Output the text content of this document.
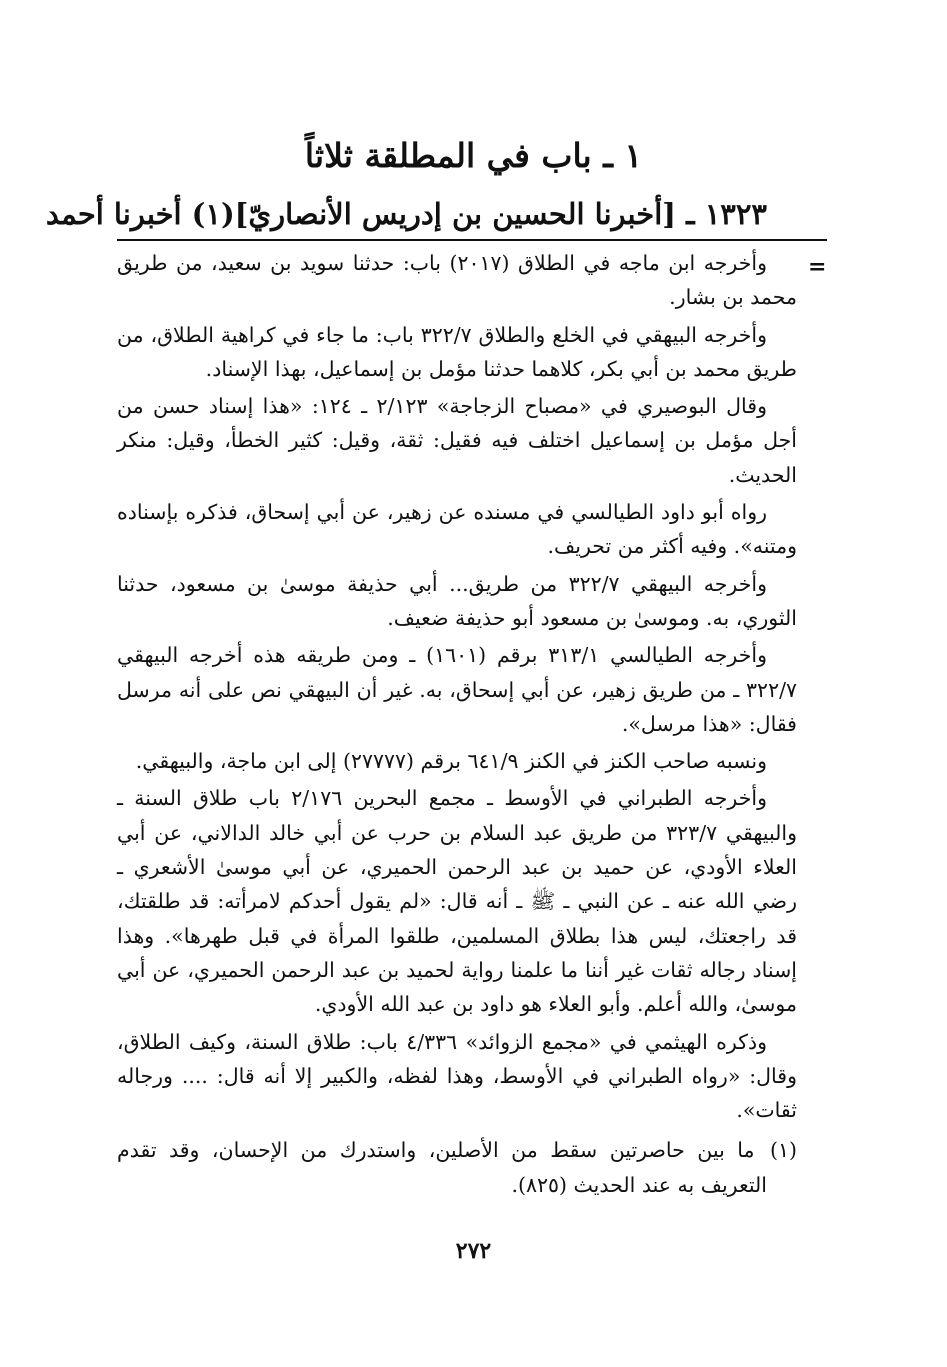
١ ـ باب في المطلقة ثلاثاً

١٣٢٣ ـ [أخبرنا الحسين بن إدريس الأنصاريّ](١) أخبرنا أحمد

=

وأخرجه ابن ماجه في الطلاق (٢٠١٧) باب: حدثنا سويد بن سعيد، من طريق محمد بن بشار.

وأخرجه البيهقي في الخلع والطلاق ٣٢٢/٧ باب: ما جاء في كراهية الطلاق، من طريق محمد بن أبي بكر، كلاهما حدثنا مؤمل بن إسماعيل، بهذا الإسناد.

وقال البوصيري في «مصباح الزجاجة» ٢/١٢٣ ـ ١٢٤: «هذا إسناد حسن من أجل مؤمل بن إسماعيل اختلف فيه فقيل: ثقة، وقيل: كثير الخطأ، وقيل: منكر الحديث.

رواه أبو داود الطيالسي في مسنده عن زهير، عن أبي إسحاق، فذكره بإسناده ومتنه». وفيه أكثر من تحريف.

وأخرجه البيهقي ٣٢٢/٧ من طريق... أبي حذيفة موسىٰ بن مسعود، حدثنا الثوري، به. وموسىٰ بن مسعود أبو حذيفة ضعيف.

وأخرجه الطيالسي ٣١٣/١ برقم (١٦٠١) ـ ومن طريقه هذه أخرجه البيهقي ٣٢٢/٧ ـ من طريق زهير، عن أبي إسحاق، به. غير أن البيهقي نص على أنه مرسل فقال: «هذا مرسل».

ونسبه صاحب الكنز في الكنز ٦٤١/٩ برقم (٢٧٧٧٧) إلى ابن ماجة، والبيهقي.

وأخرجه الطبراني في الأوسط ـ مجمع البحرين ٢/١٧٦ باب طلاق السنة ـ والبيهقي ٣٢٣/٧ من طريق عبد السلام بن حرب عن أبي خالد الدالاني، عن أبي العلاء الأودي، عن حميد بن عبد الرحمن الحميري، عن أبي موسىٰ الأشعري ـ رضي الله عنه ـ عن النبي ـ ﷺ ـ أنه قال: «لم يقول أحدكم لامرأته: قد طلقتك، قد راجعتك، ليس هذا بطلاق المسلمين، طلقوا المرأة في قبل طهرها». وهذا إسناد رجاله ثقات غير أننا ما علمنا رواية لحميد بن عبد الرحمن الحميري، عن أبي موسىٰ، والله أعلم. وأبو العلاء هو داود بن عبد الله الأودي.

وذكره الهيثمي في «مجمع الزوائد» ٤/٣٣٦ باب: طلاق السنة، وكيف الطلاق، وقال: «رواه الطبراني في الأوسط، وهذا لفظه، والكبير إلا أنه قال: .... ورجاله ثقات».

(١) ما بين حاصرتين سقط من الأصلين، واستدرك من الإحسان، وقد تقدم التعريف به عند الحديث (٨٢٥).

٢٧٢
